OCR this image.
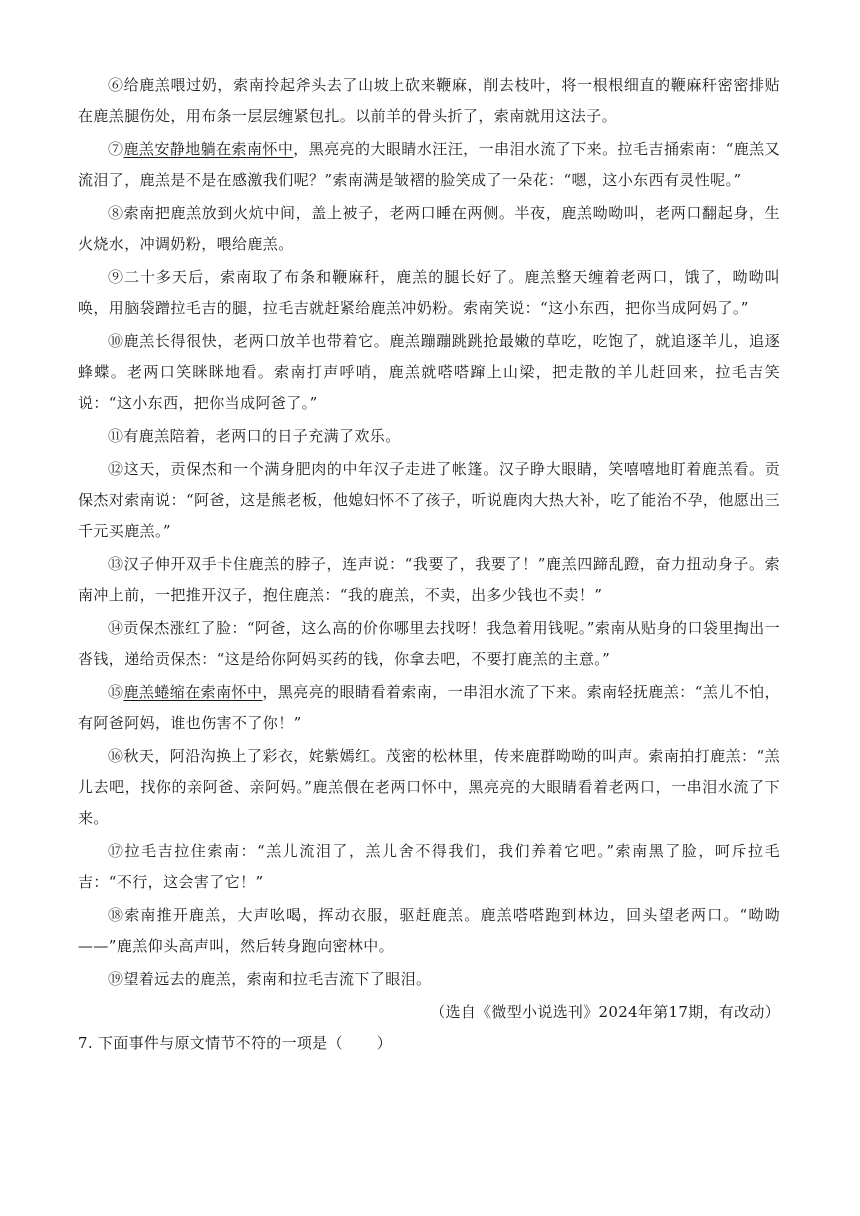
⑥给鹿羔喂过奶，索南拎起斧头去了山坡上砍来鞭麻，削去枝叶，将一根根细直的鞭麻秆密密排贴在鹿羔腿伤处，用布条一层层缠紧包扎。以前羊的骨头折了，索南就用这法子。

⑦鹿羔安静地躺在索南怀中，黑亮亮的大眼睛水汪汪，一串泪水流了下来。拉毛吉捅索南：“鹿羔又流泪了，鹿羔是不是在感激我们呢？”索南满是皱褶的脸笑成了一朵花：“嗯，这小东西有灵性呢。”

⑧索南把鹿羔放到火炕中间，盖上被子，老两口睡在两侧。半夜，鹿羔呦呦叫，老两口翻起身，生火烧水，冲调奶粉，喂给鹿羔。

⑨二十多天后，索南取了布条和鞭麻秆，鹿羔的腿长好了。鹿羔整天缠着老两口，饿了，呦呦叫唤，用脑袋蹭拉毛吉的腿，拉毛吉就赶紧给鹿羔冲奶粉。索南笑说：“这小东西，把你当成阿妈了。”

⑩鹿羔长得很快，老两口放羊也带着它。鹿羔蹦蹦跳跳抢最嫩的草吃，吃饱了，就追逐羊儿，追逐蜂蝶。老两口笑眯眯地看。索南打声呼哨，鹿羔就嗒嗒蹿上山梁，把走散的羊儿赶回来，拉毛吉笑说：“这小东西，把你当成阿爸了。”

⑪有鹿羔陪着，老两口的日子充满了欢乐。

⑫这天，贡保杰和一个满身肥肉的中年汉子走进了帐篷。汉子睁大眼睛，笑嘻嘻地盯着鹿羔看。贡保杰对索南说：“阿爸，这是熊老板，他媳妇怀不了孩子，听说鹿肉大热大补，吃了能治不孕，他愿出三千元买鹿羔。”

⑬汉子伸开双手卡住鹿羔的脖子，连声说：“我要了，我要了！”鹿羔四蹄乱蹬，奋力扭动身子。索南冲上前，一把推开汉子，抱住鹿羔：“我的鹿羔，不卖，出多少钱也不卖！”

⑭贡保杰涨红了脸：“阿爸，这么高的价你哪里去找呀！我急着用钱呢。”索南从贴身的口袋里掏出一沓钱，递给贡保杰：“这是给你阿妈买药的钱，你拿去吧，不要打鹿羔的主意。”

⑮鹿羔蜷缩在索南怀中，黑亮亮的眼睛看着索南，一串泪水流了下来。索南轻抚鹿羔：“羔儿不怕，有阿爸阿妈，谁也伤害不了你！”

⑯秋天，阿沿沟换上了彩衣，姹紫嫣红。茂密的松林里，传来鹿群呦呦的叫声。索南拍打鹿羔：“羔儿去吧，找你的亲阿爸、亲阿妈。”鹿羔偎在老两口怀中，黑亮亮的大眼睛看着老两口，一串泪水流了下来。

⑰拉毛吉拉住索南：“羔儿流泪了，羔儿舍不得我们，我们养着它吧。”索南黑了脸，呵斥拉毛吉：“不行，这会害了它！”

⑱索南推开鹿羔，大声吆喝，挥动衣服，驱赶鹿羔。鹿羔嗒嗒跑到林边，回头望老两口。“呦呦——”鹿羔仰头高声叫，然后转身跑向密林中。

⑲望着远去的鹿羔，索南和拉毛吉流下了眼泪。

（选自《微型小说选刊》2024年第17期，有改动）

7. 下面事件与原文情节不符的一项是（ ）
